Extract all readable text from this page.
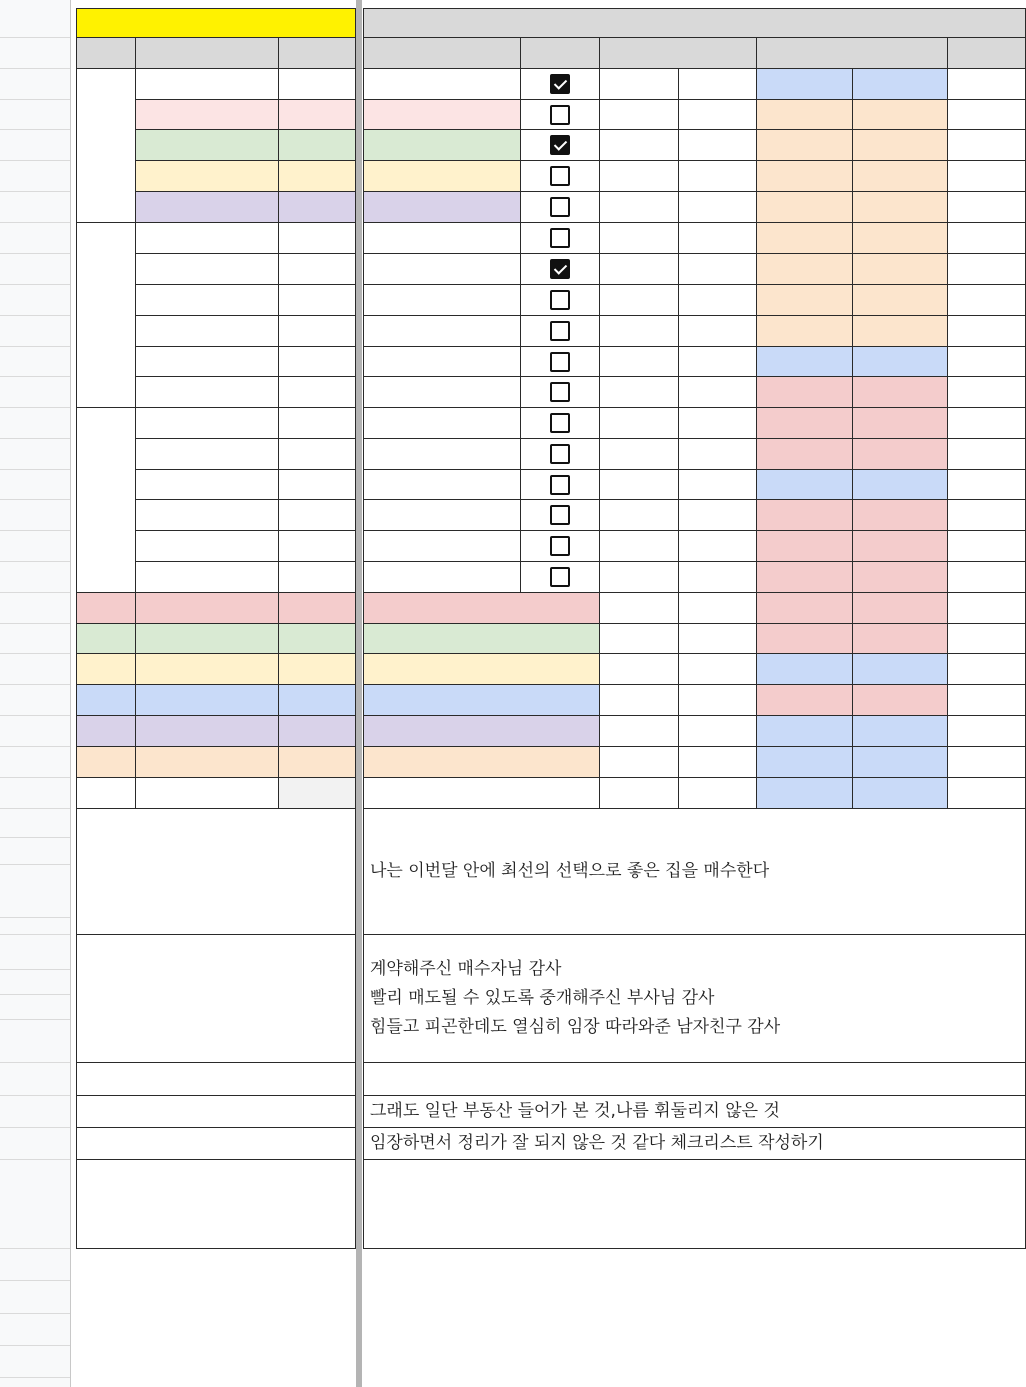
나는 이번달 안에 최선의 선택으로 좋은 집을 매수한다
계약해주신 매수자님 감사
빨리 매도될 수 있도록 중개해주신 부사님 감사
힘들고 피곤한데도 열심히 임장 따라와준 남자친구 감사
그래도 일단 부동산 들어가 본 것,나름 휘둘리지 않은 것
임장하면서 정리가 잘 되지 않은 것 같다 체크리스트 작성하기
